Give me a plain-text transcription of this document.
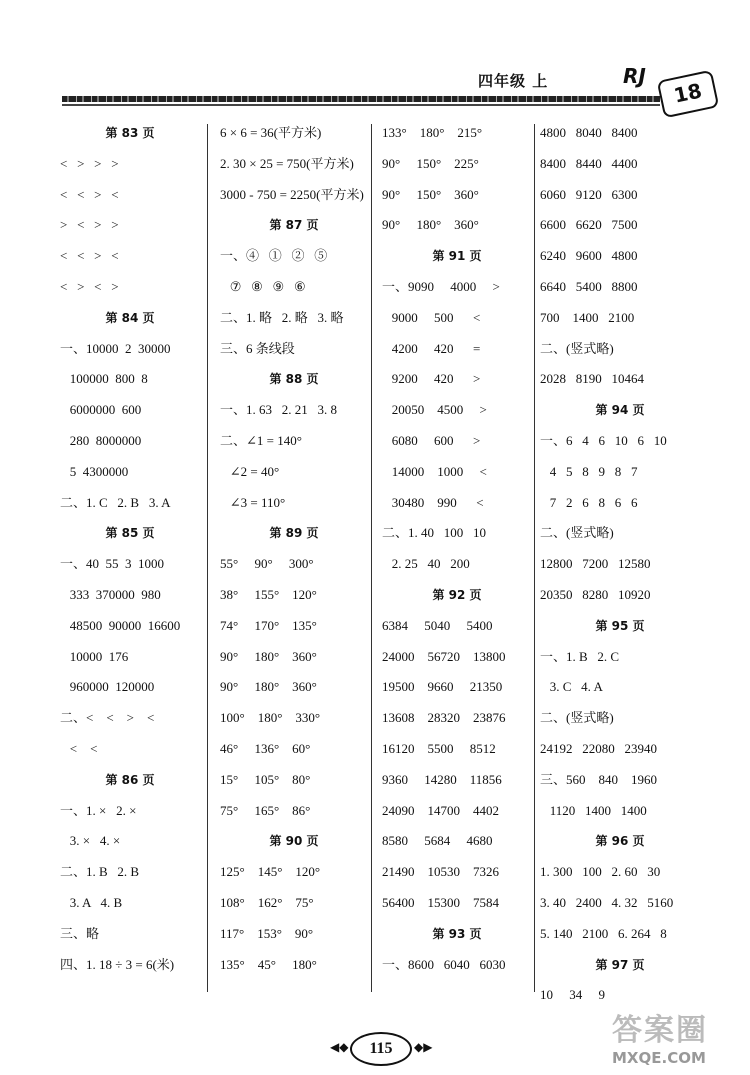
四年级 上	RJ
18
第 83 页
<   >   >   >
<   <   >   <
>   <   >   >
<   <   >   <
<   >   <   >
第 84 页
一、10000  2  30000
100000  800  8
6000000  600
280  8000000
5  4300000
二、1. C   2. B   3. A
第 85 页
一、40  55  3  1000
333  370000  980
48500  90000  16600
10000  176
960000  120000
二、<    <    >    <
<    <
第 86 页
一、1. ×   2. ×
3. ×   4. ×
二、1. B   2. B
3. A   4. B
三、略
四、1. 18 ÷ 3 = 6(米)
6 × 6 = 36(平方米)
2. 30 × 25 = 750(平方米)
3000 - 750 = 2250(平方米)
第 87 页
一、④   ①   ②   ⑤
⑦   ⑧   ⑨   ⑥
二、1. 略   2. 略   3. 略
三、6 条线段
第 88 页
一、1. 63   2. 21   3. 8
二、∠1 = 140°
∠2 = 40°
∠3 = 110°
第 89 页
55°     90°     300°
38°     155°    120°
74°     170°    135°
90°     180°    360°
90°     180°    360°
100°    180°    330°
46°     136°    60°
15°     105°    80°
75°     165°    86°
第 90 页
125°    145°    120°
108°    162°    75°
117°    153°    90°
135°    45°     180°
133°    180°    215°
90°     150°    225°
90°     150°    360°
90°     180°    360°
第 91 页
一、9090     4000     >
9000     500      <
4200     420      =
9200     420      >
20050    4500     >
6080     600      >
14000    1000     <
30480    990      <
二、1. 40   100   10
2. 25   40   200
第 92 页
6384     5040     5400
24000    56720    13800
19500    9660     21350
13608    28320    23876
16120    5500     8512
9360     14280    11856
24090    14700    4402
8580     5684     4680
21490    10530    7326
56400    15300    7584
第 93 页
一、8600   6040   6030
4800   8040   8400
8400   8440   4400
6060   9120   6300
6600   6620   7500
6240   9600   4800
6640   5400   8800
700    1400   2100
二、(竖式略)
2028   8190   10464
第 94 页
一、6   4   6   10   6   10
4   5   8   9   8   7
7   2   6   8   6   6
二、(竖式略)
12800   7200   12580
20350   8280   10920
第 95 页
一、1. B   2. C
3. C   4. A
二、(竖式略)
24192   22080   23940
三、560    840    1960
1120   1400   1400
第 96 页
1. 300   100   2. 60   30
3. 40   2400   4. 32   5160
5. 140   2100   6. 264   8
第 97 页
10     34     9
◀◆	115	◆▶	答案圈
MXQE.COM
